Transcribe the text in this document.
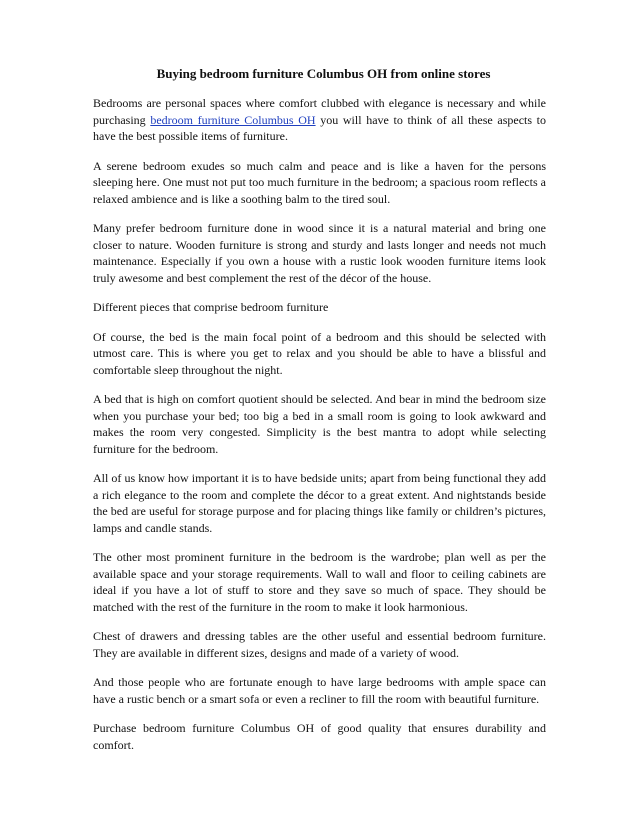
Buying bedroom furniture Columbus OH from online stores

Bedrooms are personal spaces where comfort clubbed with elegance is necessary and while purchasing bedroom furniture Columbus OH you will have to think of all these aspects to have the best possible items of furniture.

A serene bedroom exudes so much calm and peace and is like a haven for the persons sleeping here. One must not put too much furniture in the bedroom; a spacious room reflects a relaxed ambience and is like a soothing balm to the tired soul.

Many prefer bedroom furniture done in wood since it is a natural material and bring one closer to nature. Wooden furniture is strong and sturdy and lasts longer and needs not much maintenance. Especially if you own a house with a rustic look wooden furniture items look truly awesome and best complement the rest of the décor of the house.

Different pieces that comprise bedroom furniture

Of course, the bed is the main focal point of a bedroom and this should be selected with utmost care. This is where you get to relax and you should be able to have a blissful and comfortable sleep throughout the night.

A bed that is high on comfort quotient should be selected. And bear in mind the bedroom size when you purchase your bed; too big a bed in a small room is going to look awkward and makes the room very congested. Simplicity is the best mantra to adopt while selecting furniture for the bedroom.

All of us know how important it is to have bedside units; apart from being functional they add a rich elegance to the room and complete the décor to a great extent. And nightstands beside the bed are useful for storage purpose and for placing things like family or children’s pictures, lamps and candle stands.

The other most prominent furniture in the bedroom is the wardrobe; plan well as per the available space and your storage requirements. Wall to wall and floor to ceiling cabinets are ideal if you have a lot of stuff to store and they save so much of space. They should be matched with the rest of the furniture in the room to make it look harmonious.

Chest of drawers and dressing tables are the other useful and essential bedroom furniture. They are available in different sizes, designs and made of a variety of wood.

And those people who are fortunate enough to have large bedrooms with ample space can have a rustic bench or a smart sofa or even a recliner to fill the room with beautiful furniture.

Purchase bedroom furniture Columbus OH of good quality that ensures durability and comfort.
